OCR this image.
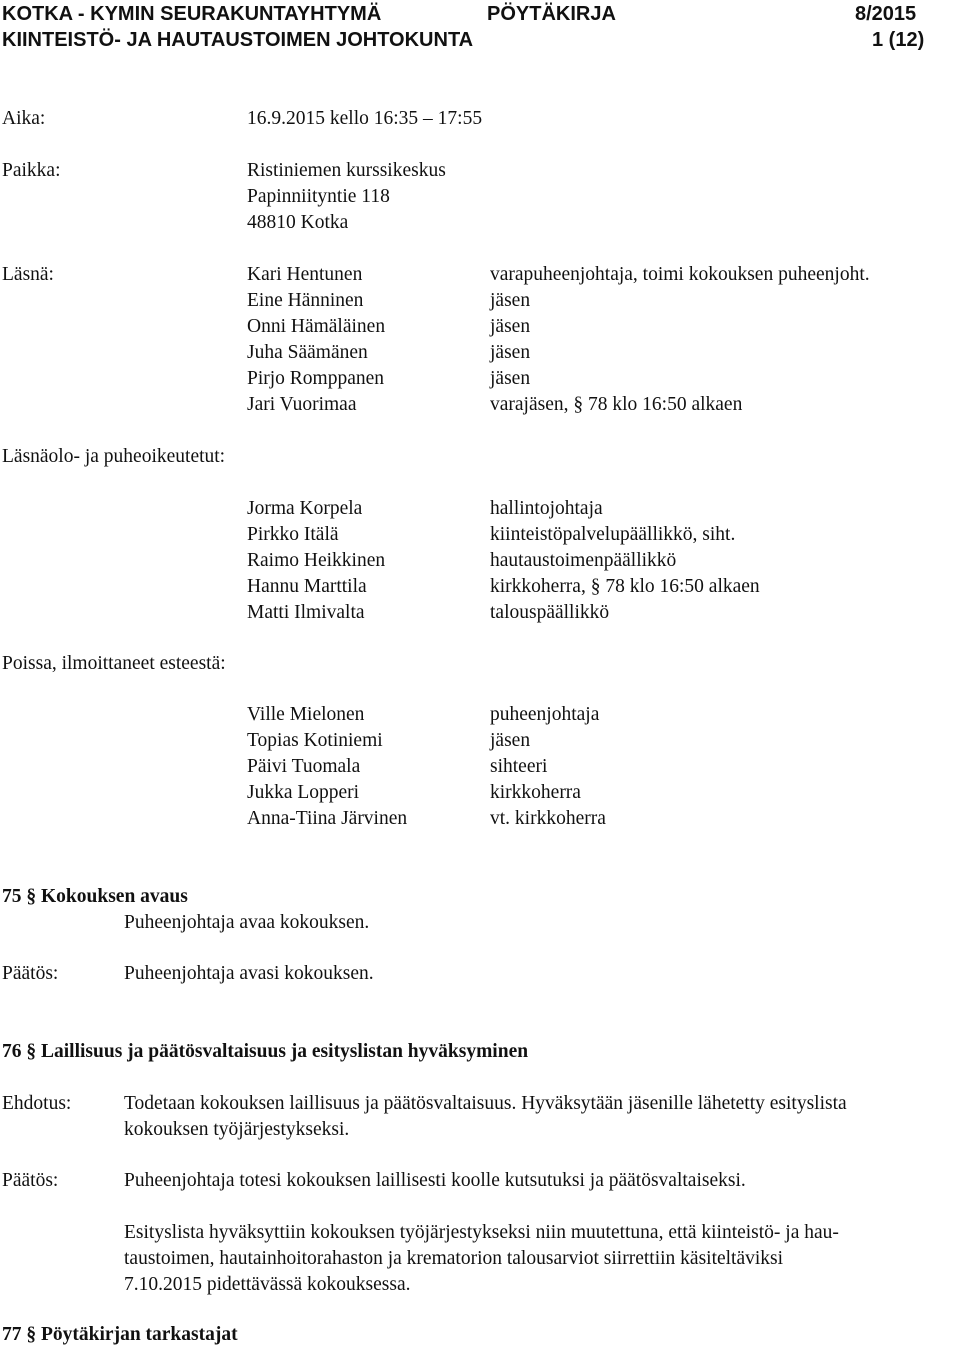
KOTKA - KYMIN SEURAKUNTAYHTYMÄ	PÖYTÄKIRJA	8/2015
KIINTEISTÖ- JA HAUTAUSTOIMEN JOHTOKUNTA	1 (12)
Aika:	16.9.2015 kello 16:35 – 17:55
Paikka:	Ristiniemen kurssikeskus
Papinniityntie 118
48810 Kotka
Läsnä:	Kari Hentunen	varapuheenjohtaja, toimi kokouksen puheenjoht.
Eine Hänninen	jäsen
Onni Hämäläinen	jäsen
Juha Säämänen	jäsen
Pirjo Romppanen	jäsen
Jari Vuorimaa	varajäsen, § 78 klo 16:50 alkaen
Läsnäolo- ja puheoikeutetut:
Jorma Korpela	hallintojohtaja
Pirkko Itälä	kiinteistöpalvelupäällikkö, siht.
Raimo Heikkinen	hautaustoimenpäällikkö
Hannu Marttila	kirkkoherra, § 78 klo 16:50 alkaen
Matti Ilmivalta	talouspäällikkö
Poissa, ilmoittaneet esteestä:
Ville Mielonen	puheenjohtaja
Topias Kotiniemi	jäsen
Päivi Tuomala	sihteeri
Jukka Lopperi	kirkkoherra
Anna-Tiina Järvinen	vt. kirkkoherra
75 § Kokouksen avaus
Puheenjohtaja avaa kokouksen.
Päätös:	Puheenjohtaja avasi kokouksen.
76 § Laillisuus ja päätösvaltaisuus ja esityslistan hyväksyminen
Ehdotus:	Todetaan kokouksen laillisuus ja päätösvaltaisuus. Hyväksytään jäsenille lähetetty esityslista
kokouksen työjärjestykseksi.
Päätös:	Puheenjohtaja totesi kokouksen laillisesti koolle kutsutuksi ja päätösvaltaiseksi.
Esityslista hyväksyttiin kokouksen työjärjestykseksi niin muutettuna, että kiinteistö- ja hau-
taustoimen, hautainhoitorahaston ja krematorion talousarviot siirrettiin käsiteltäviksi
7.10.2015 pidettävässä kokouksessa.
77 § Pöytäkirjan tarkastajat
